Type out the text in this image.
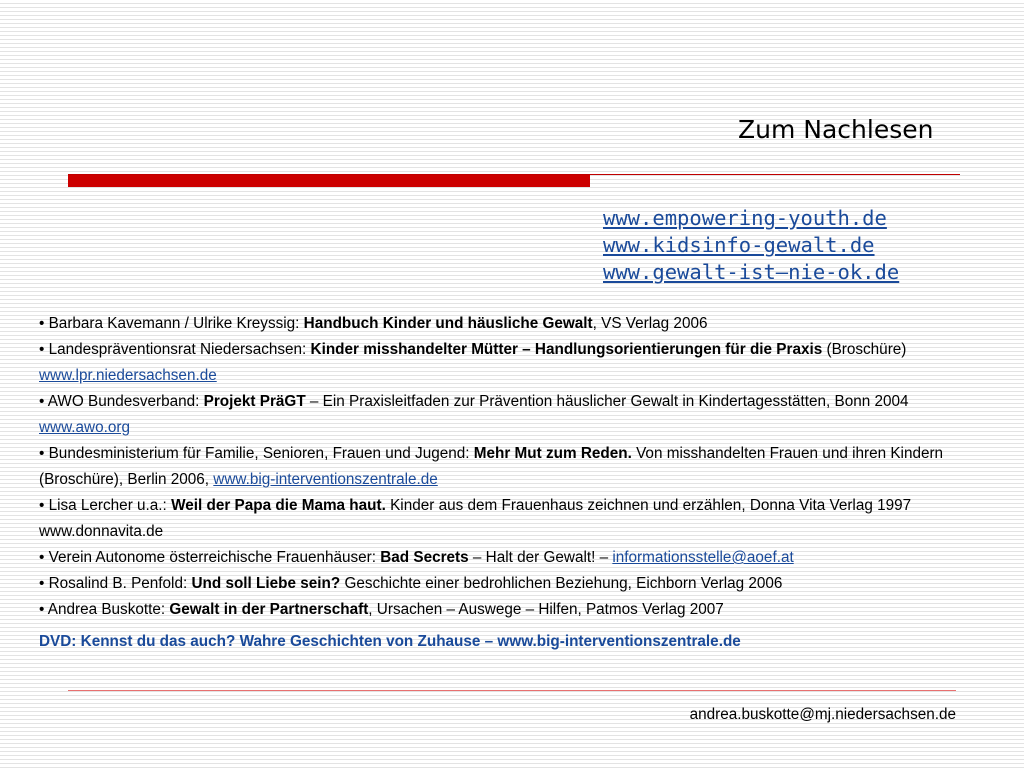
Zum Nachlesen
www.empowering-youth.de
www.kidsinfo-gewalt.de
www.gewalt-ist–nie-ok.de

• Barbara Kavemann / Ulrike Kreyssig: Handbuch Kinder und häusliche Gewalt, VS Verlag 2006

• Landespräventionsrat Niedersachsen: Kinder misshandelter Mütter – Handlungsorientierungen für die Praxis (Broschüre) www.lpr.niedersachsen.de

• AWO Bundesverband: Projekt PräGT – Ein Praxisleitfaden zur Prävention häuslicher Gewalt in Kindertagesstätten, Bonn 2004 www.awo.org

• Bundesministerium für Familie, Senioren, Frauen und Jugend: Mehr Mut zum Reden. Von misshandelten Frauen und ihren Kindern (Broschüre), Berlin 2006, www.big-interventionszentrale.de

• Lisa Lercher u.a.: Weil der Papa die Mama haut. Kinder aus dem Frauenhaus zeichnen und erzählen, Donna Vita Verlag 1997 www.donnavita.de

• Verein Autonome österreichische Frauenhäuser: Bad Secrets – Halt der Gewalt! – informationsstelle@aoef.at

• Rosalind B. Penfold: Und soll Liebe sein? Geschichte einer bedrohlichen Beziehung, Eichborn Verlag 2006

• Andrea Buskotte: Gewalt in der Partnerschaft, Ursachen – Auswege – Hilfen, Patmos Verlag 2007

DVD: Kennst du das auch? Wahre Geschichten von Zuhause – www.big-interventionszentrale.de

andrea.buskotte@mj.niedersachsen.de
